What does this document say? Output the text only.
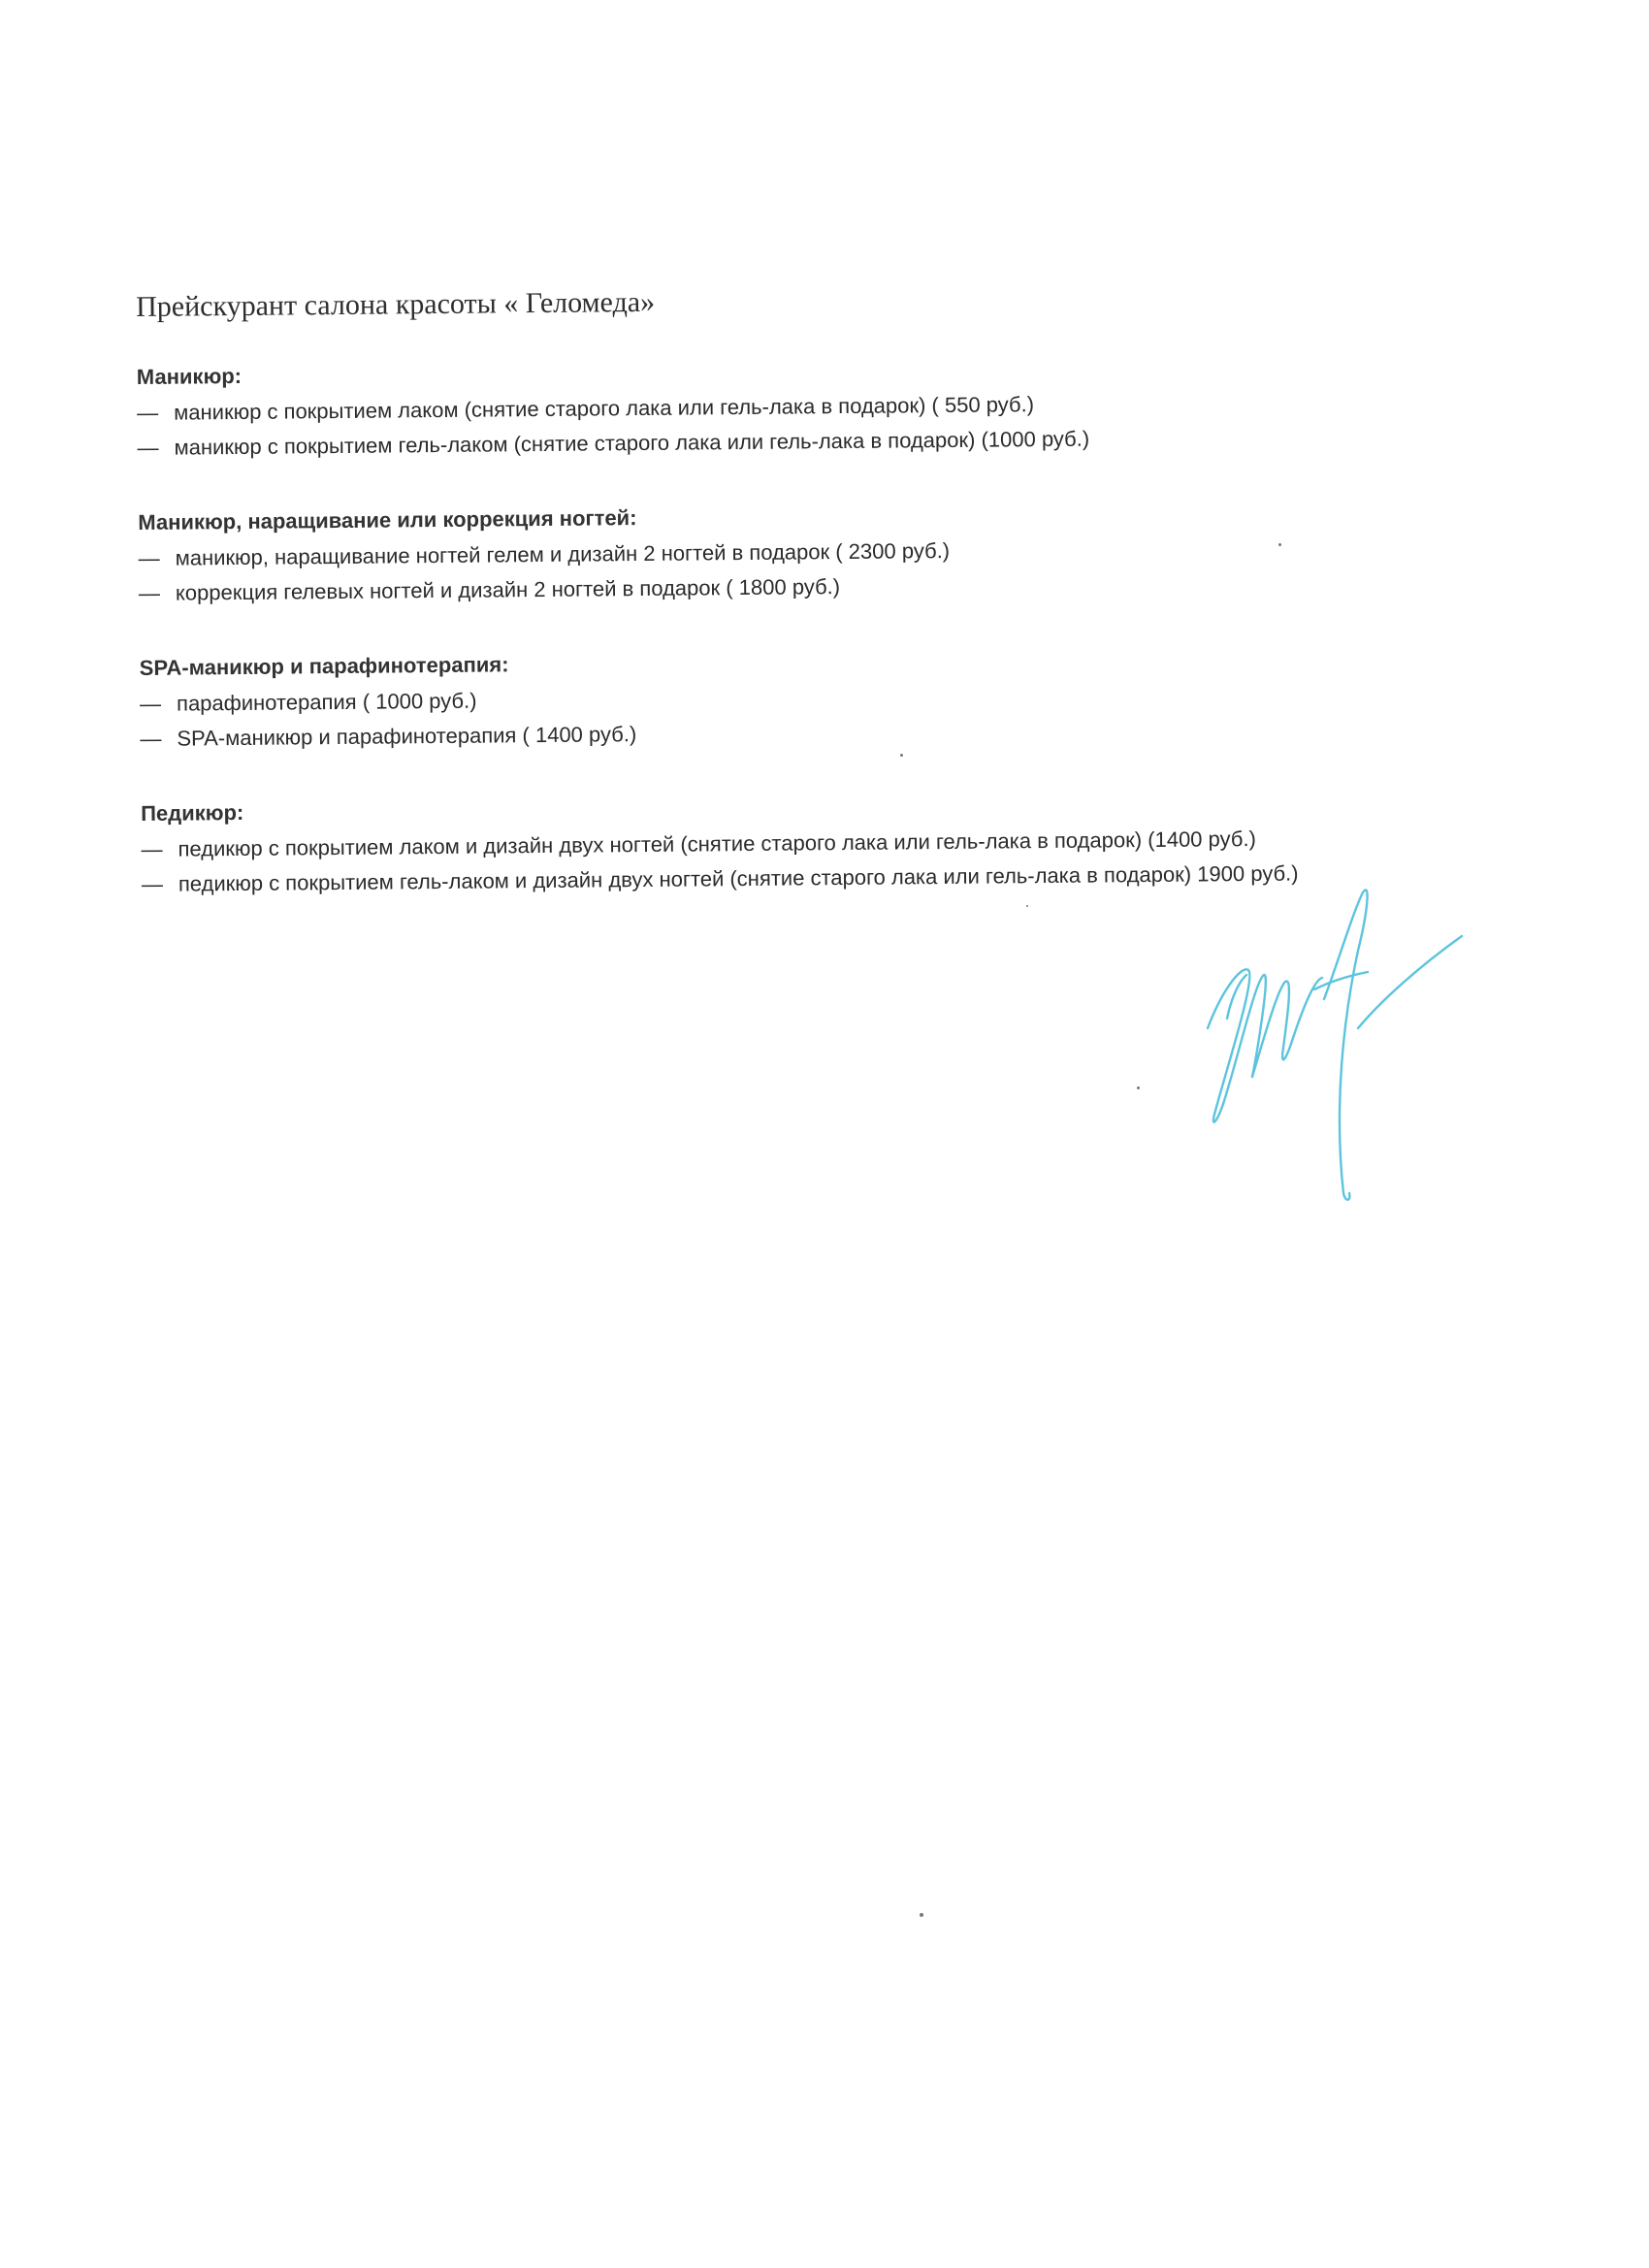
Прейскурант салона красоты « Геломеда»

Маникюр:

— маникюр с покрытием лаком (снятие старого лака или гель-лака в подарок) ( 550 руб.)

— маникюр с покрытием гель-лаком (снятие старого лака или гель-лака в подарок) (1000 руб.)

Маникюр, наращивание или коррекция ногтей:

— маникюр, наращивание ногтей гелем и дизайн 2 ногтей в подарок ( 2300 руб.)

— коррекция гелевых ногтей и дизайн 2 ногтей в подарок ( 1800 руб.)

SPA-маникюр и парафинотерапия:

— парафинотерапия ( 1000 руб.)

— SPA-маникюр и парафинотерапия ( 1400 руб.)

Педикюр:

— педикюр с покрытием лаком и дизайн двух ногтей (снятие старого лака или гель-лака в подарок) (1400 руб.)

— педикюр с покрытием гель-лаком и дизайн двух ногтей (снятие старого лака или гель-лака в подарок) 1900 руб.)
